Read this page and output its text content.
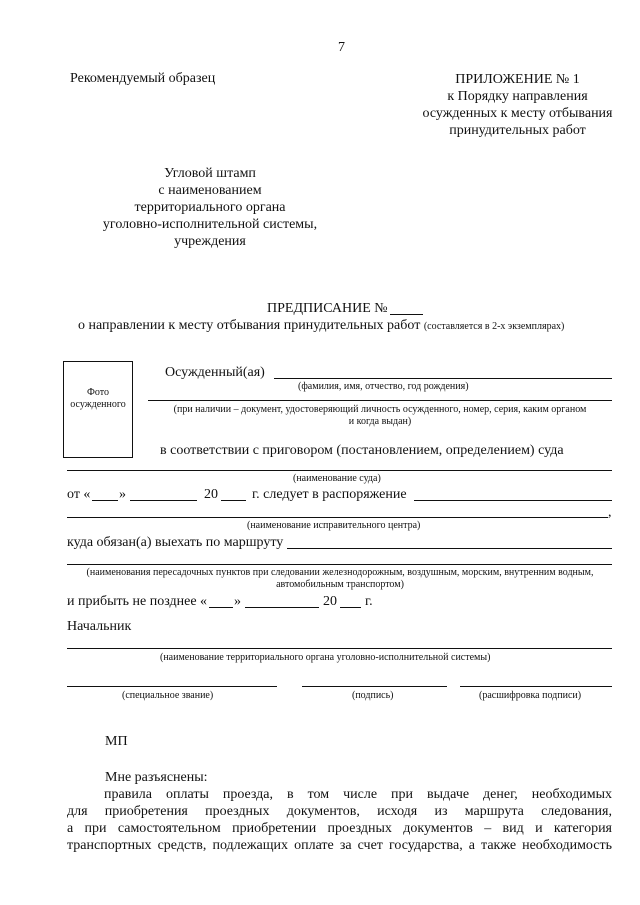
7
Рекомендуемый образец	ПРИЛОЖЕНИЕ № 1
к Порядку направления
осужденных к месту отбывания
принудительных работ
Угловой штамп
с наименованием
территориального органа
уголовно-исполнительной системы,
учреждения
ПРЕДПИСАНИЕ №
о направлении к месту отбывания принудительных работ (составляется в 2-х экземплярах)
Фото
осужденного
Осужденный(ая)
(фамилия, имя, отчество, год рождения)
(при наличии – документ, удостоверяющий личность осужденного, номер, серия, каким органом
и когда выдан)
в соответствии с приговором (постановлением, определением) суда
(наименование суда)
от « »	20 г. следует в распоряжение
,
(наименование исправительного центра)
куда обязан(а) выехать по маршруту
(наименования пересадочных пунктов при следовании железнодорожным, воздушным, морским, внутренним водным,
автомобильным транспортом)
и прибыть не позднее « »	20 г.
Начальник
(наименование территориального органа уголовно-исполнительной системы)
(специальное звание)	(подпись)	(расшифровка подписи)
МП
Мне разъяснены:
правила оплаты проезда, в том числе при выдаче денег, необходимых
для приобретения проездных документов, исходя из маршрута следования,
а при самостоятельном приобретении проездных документов – вид и категория
транспортных средств, подлежащих оплате за счет государства, а также необходимость
